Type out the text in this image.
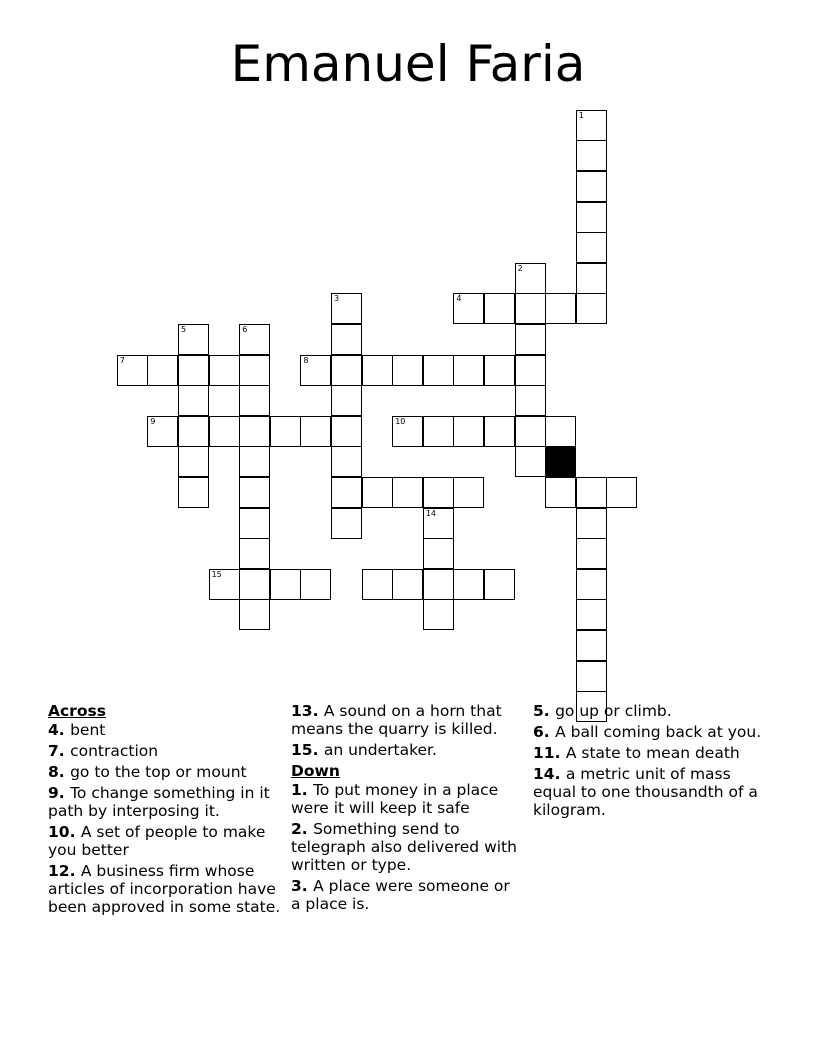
Emanuel Faria
1
2
3	4
5	6
7	8
9	10
14
15
Across
4. bent
7. contraction
8. go to the top or mount
9. To change something in it path by interposing it.
10. A set of people to make you better
12. A business firm whose articles of incorporation have been approved in some state.
13. A sound on a horn that means the quarry is killed.
15. an undertaker.
Down
1. To put money in a place were it will keep it safe
2. Something send to telegraph also delivered with written or type.
3. A place were someone or a place is.
5. go up or climb.
6. A ball coming back at you.
11. A state to mean death
14. a metric unit of mass equal to one thousandth of a kilogram.
